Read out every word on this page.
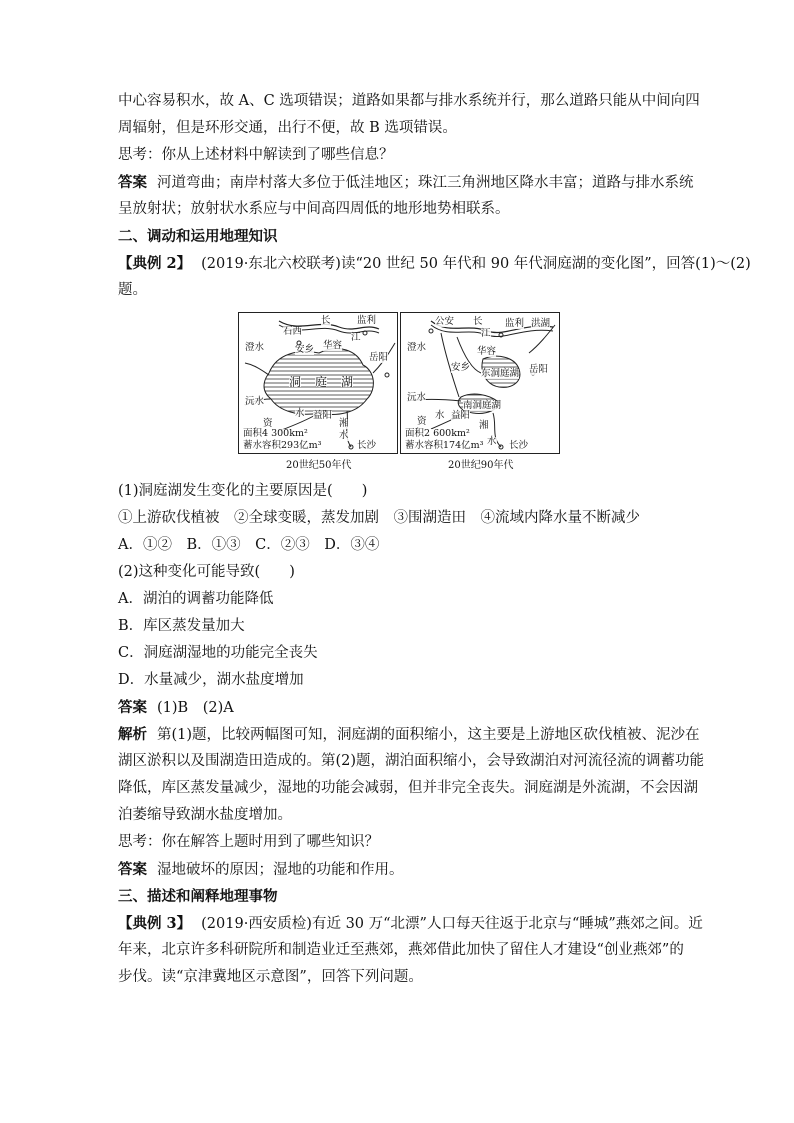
中心容易积水，故 A、C 选项错误；道路如果都与排水系统并行，那么道路只能从中间向四
周辐射，但是环形交通，出行不便，故 B 选项错误。
思考：你从上述材料中解读到了哪些信息？
答案 河道弯曲；南岸村落大多位于低洼地区；珠江三角洲地区降水丰富；道路与排水系统
呈放射状；放射状水系应与中间高四周低的地形地势相联系。
二、调动和运用地理知识
【典例 2】 (2019·东北六校联考)读“20 世纪 50 年代和 90 年代洞庭湖的变化图”，回答(1)～(2)
题。
长	监利
石西
江
澄水	安乡 华容
岳阳
洞 庭 湖
沅水
水 益阳
资	湘
水
长沙
面积4 300km²
蓄水容积293亿m³
20世纪50年代
公安 长
江
监利 洪湖
澄水	华容
安乡
东洞庭湖 岳阳
沅水
南洞庭湖
资
水 益阳
湘
水 长沙
面积2 600km²
蓄水容积174亿m³
20世纪90年代
(1)洞庭湖发生变化的主要原因是(　　)
①上游砍伐植被　②全球变暖，蒸发加剧　③围湖造田　④流域内降水量不断减少
A．①②　B．①③　C．②③　D．③④
(2)这种变化可能导致(　　)
A．湖泊的调蓄功能降低
B．库区蒸发量加大
C．洞庭湖湿地的功能完全丧失
D．水量减少，湖水盐度增加
答案 (1)B　(2)A
解析 第(1)题，比较两幅图可知，洞庭湖的面积缩小，这主要是上游地区砍伐植被、泥沙在
湖区淤积以及围湖造田造成的。第(2)题，湖泊面积缩小，会导致湖泊对河流径流的调蓄功能
降低，库区蒸发量减少，湿地的功能会减弱，但并非完全丧失。洞庭湖是外流湖，不会因湖
泊萎缩导致湖水盐度增加。
思考：你在解答上题时用到了哪些知识？
答案 湿地破坏的原因；湿地的功能和作用。
三、描述和阐释地理事物
【典例 3】 (2019·西安质检)有近 30 万“北漂”人口每天往返于北京与“睡城”燕郊之间。近
年来，北京许多科研院所和制造业迁至燕郊，燕郊借此加快了留住人才建设“创业燕郊”的
步伐。读“京津冀地区示意图”，回答下列问题。
